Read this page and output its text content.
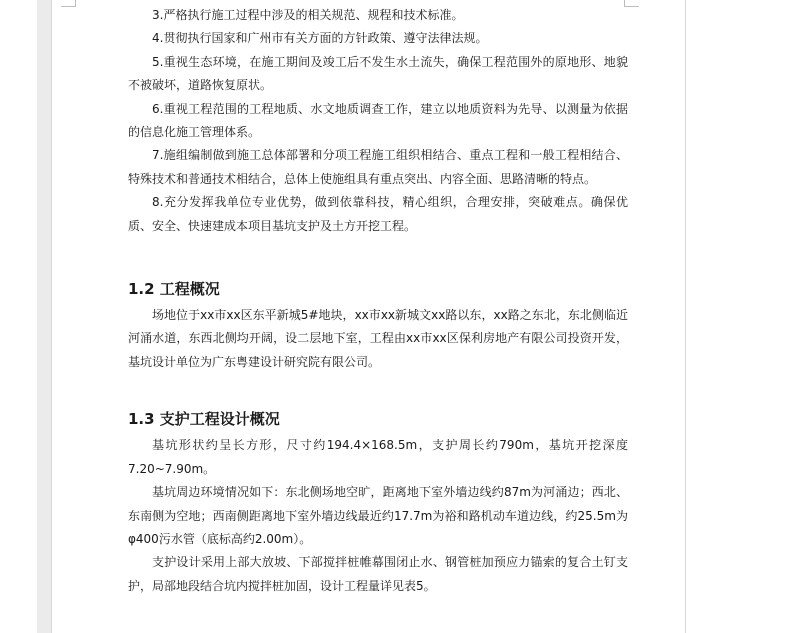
3.严格执行施工过程中涉及的相关规范、规程和技术标准。

4.贯彻执行国家和广州市有关方面的方针政策、遵守法律法规。

5.重视生态环境，在施工期间及竣工后不发生水土流失，确保工程范围外的原地形、地貌不被破坏，道路恢复原状。

6.重视工程范围的工程地质、水文地质调查工作，建立以地质资料为先导、以测量为依据的信息化施工管理体系。

7.施组编制做到施工总体部署和分项工程施工组织相结合、重点工程和一般工程相结合、特殊技术和普通技术相结合，总体上使施组具有重点突出、内容全面、思路清晰的特点。

8.充分发挥我单位专业优势，做到依靠科技，精心组织，合理安排，突破难点。确保优质、安全、快速建成本项目基坑支护及土方开挖工程。

1.2 工程概况

场地位于xx市xx区东平新城5#地块，xx市xx新城文xx路以东，xx路之东北，东北侧临近河涌水道，东西北侧均开阔，设二层地下室，工程由xx市xx区保利房地产有限公司投资开发，基坑设计单位为广东粤建设计研究院有限公司。

1.3 支护工程设计概况

基坑形状约呈长方形，尺寸约194.4×168.5m，支护周长约790m，基坑开挖深度7.20~7.90m。

基坑周边环境情况如下：东北侧场地空旷，距离地下室外墙边线约87m为河涌边；西北、东南侧为空地；西南侧距离地下室外墙边线最近约17.7m为裕和路机动车道边线，约25.5m为φ400污水管（底标高约2.00m）。

支护设计采用上部大放坡、下部搅拌桩帷幕围闭止水、钢管桩加预应力锚索的复合土钉支护，局部地段结合坑内搅拌桩加固，设计工程量详见表5。
